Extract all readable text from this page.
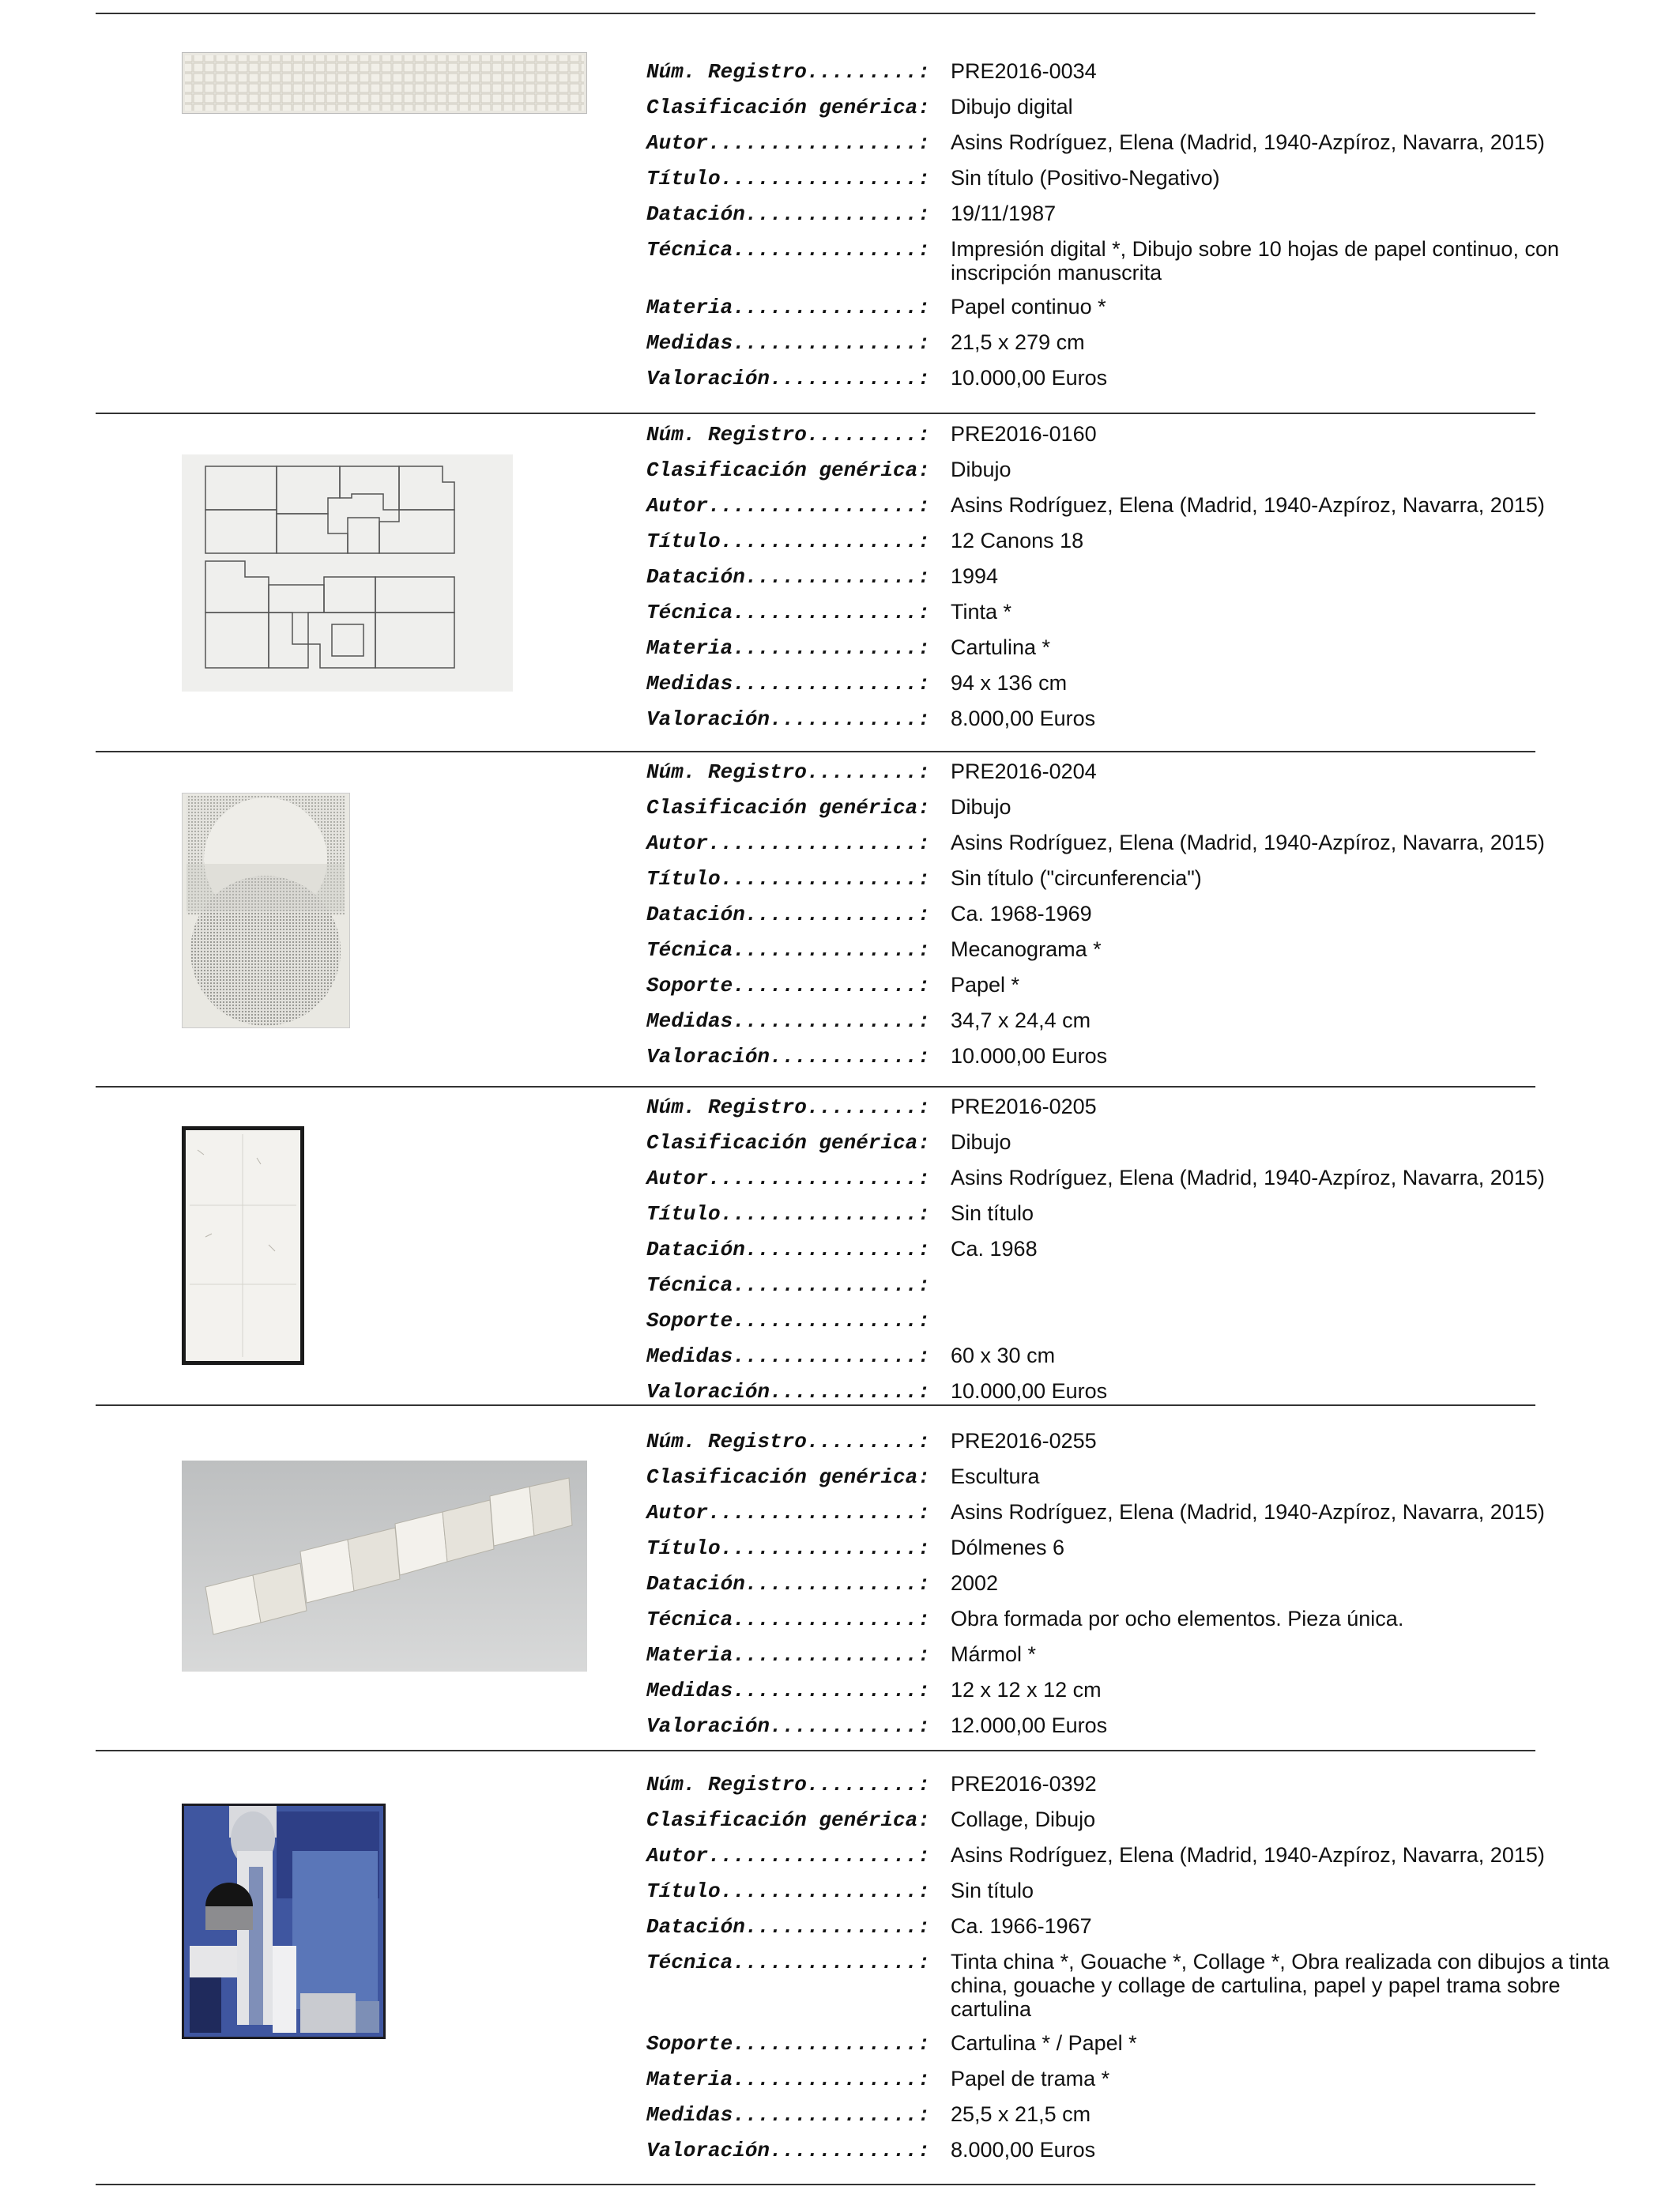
Núm. Registro.........: PRE2016-0034
Clasificación genérica: Dibujo digital
Autor.................: Asins Rodríguez, Elena (Madrid, 1940-Azpíroz, Navarra, 2015)
Título................: Sin título (Positivo-Negativo)
Datación..............: 19/11/1987
Técnica...............: Impresión digital *, Dibujo sobre 10 hojas de papel continuo, con inscripción manuscrita
Materia...............: Papel continuo *
Medidas...............: 21,5 x 279 cm
Valoración............: 10.000,00 Euros
Núm. Registro.........: PRE2016-0160
Clasificación genérica: Dibujo
Autor.................: Asins Rodríguez, Elena (Madrid, 1940-Azpíroz, Navarra, 2015)
Título................: 12 Canons 18
Datación..............: 1994
Técnica...............: Tinta *
Materia...............: Cartulina *
Medidas...............: 94 x 136 cm
Valoración............: 8.000,00 Euros
Núm. Registro.........: PRE2016-0204
Clasificación genérica: Dibujo
Autor.................: Asins Rodríguez, Elena (Madrid, 1940-Azpíroz, Navarra, 2015)
Título................: Sin título ("circunferencia")
Datación..............: Ca. 1968-1969
Técnica...............: Mecanograma *
Soporte...............: Papel *
Medidas...............: 34,7 x 24,4 cm
Valoración............: 10.000,00 Euros
Núm. Registro.........: PRE2016-0205
Clasificación genérica: Dibujo
Autor.................: Asins Rodríguez, Elena (Madrid, 1940-Azpíroz, Navarra, 2015)
Título................: Sin título
Datación..............: Ca. 1968
Técnica...............:
Soporte...............:
Medidas...............: 60 x 30 cm
Valoración............: 10.000,00 Euros
Núm. Registro.........: PRE2016-0255
Clasificación genérica: Escultura
Autor.................: Asins Rodríguez, Elena (Madrid, 1940-Azpíroz, Navarra, 2015)
Título................: Dólmenes 6
Datación..............: 2002
Técnica...............: Obra formada por ocho elementos. Pieza única.
Materia...............: Mármol *
Medidas...............: 12 x 12 x 12 cm
Valoración............: 12.000,00 Euros
Núm. Registro.........: PRE2016-0392
Clasificación genérica: Collage, Dibujo
Autor.................: Asins Rodríguez, Elena (Madrid, 1940-Azpíroz, Navarra, 2015)
Título................: Sin título
Datación..............: Ca. 1966-1967
Técnica...............: Tinta china *, Gouache *, Collage *, Obra realizada con dibujos a tinta china, gouache y collage de cartulina, papel y papel trama sobre cartulina
Soporte...............: Cartulina * / Papel *
Materia...............: Papel de trama *
Medidas...............: 25,5 x 21,5 cm
Valoración............: 8.000,00 Euros
